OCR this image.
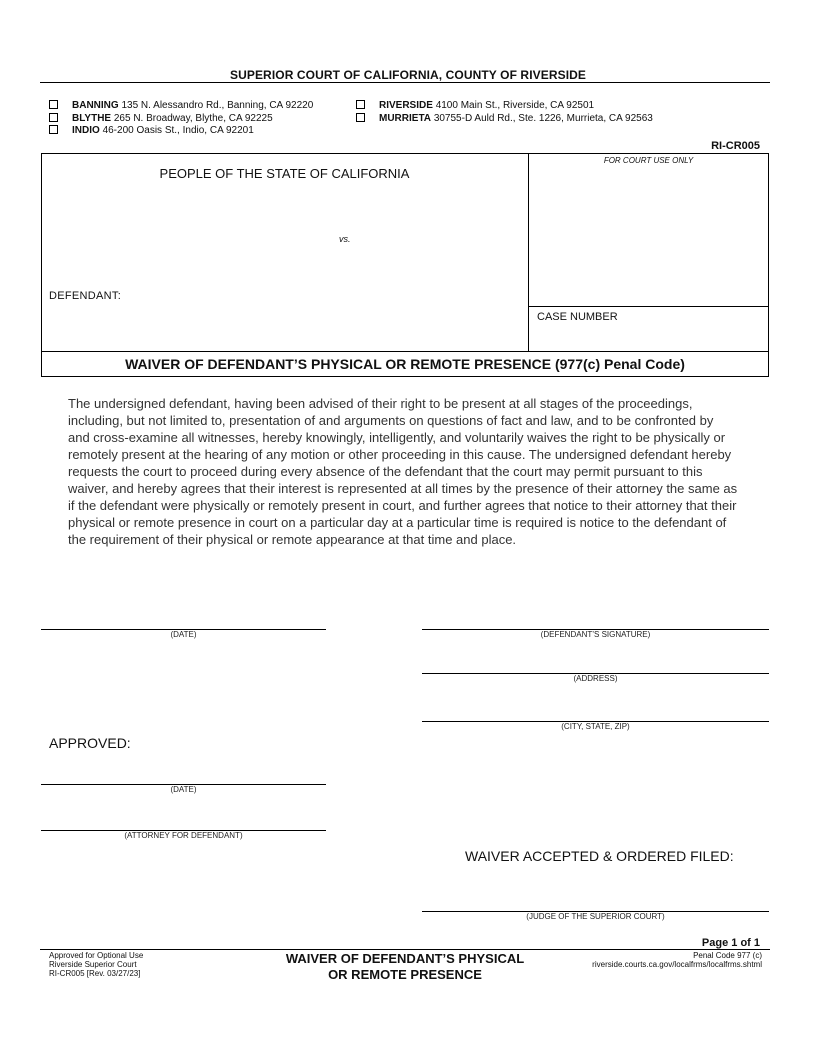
SUPERIOR COURT OF CALIFORNIA, COUNTY OF RIVERSIDE
BANNING 135 N. Alessandro Rd., Banning, CA 92220
BLYTHE 265 N. Broadway, Blythe, CA 92225
INDIO 46-200 Oasis St., Indio, CA 92201
RIVERSIDE 4100 Main St., Riverside, CA 92501
MURRIETA 30755-D Auld Rd., Ste. 1226, Murrieta, CA 92563
RI-CR005
PEOPLE OF THE STATE OF CALIFORNIA
vs.
DEFENDANT:
FOR COURT USE ONLY
CASE NUMBER
WAIVER OF DEFENDANT’S PHYSICAL OR REMOTE PRESENCE (977(c) Penal Code)
The undersigned defendant, having been advised of their right to be present at all stages of the proceedings, including, but not limited to, presentation of and arguments on questions of fact and law, and to be confronted by and cross-examine all witnesses, hereby knowingly, intelligently, and voluntarily waives the right to be physically or remotely present at the hearing of any motion or other proceeding in this cause. The undersigned defendant hereby requests the court to proceed during every absence of the defendant that the court may permit pursuant to this waiver, and hereby agrees that their interest is represented at all times by the presence of their attorney the same as if the defendant were physically or remotely present in court, and further agrees that notice to their attorney that their physical or remote presence in court on a particular day at a particular time is required is notice to the defendant of the requirement of their physical or remote appearance at that time and place.
(DATE)	(DEFENDANT’S SIGNATURE)
(ADDRESS)
(CITY, STATE, ZIP)
APPROVED:
(DATE)
(ATTORNEY FOR DEFENDANT)
WAIVER ACCEPTED & ORDERED FILED:
(JUDGE OF THE SUPERIOR COURT)
Page 1 of 1
Approved for Optional Use
Riverside Superior Court
RI-CR005 [Rev. 03/27/23]
WAIVER OF DEFENDANT’S PHYSICAL
OR REMOTE PRESENCE
Penal Code 977 (c)
riverside.courts.ca.gov/localfrms/localfrms.shtml
